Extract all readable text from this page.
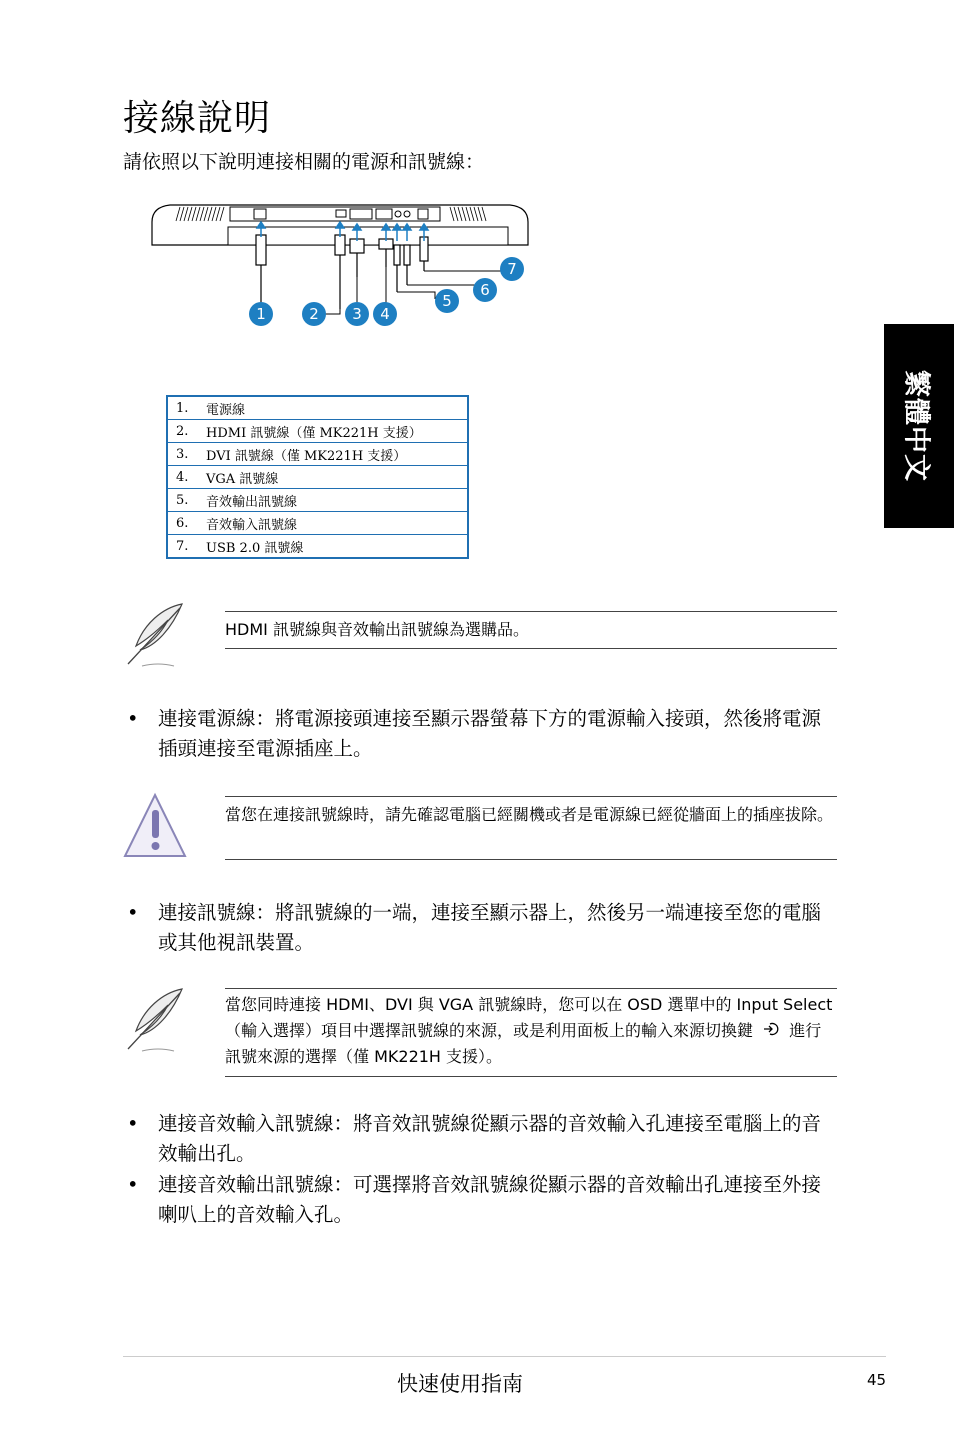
接線說明
請依照以下說明連接相關的電源和訊號線：
1	2	3	4
5
6
7
1.	電源線
2.	HDMI 訊號線（僅 MK221H 支援）
3.	DVI 訊號線（僅 MK221H 支援）
4.	VGA 訊號線
5.	音效輸出訊號線
6.	音效輸入訊號線
7.	USB 2.0 訊號線

HDMI 訊號線與音效輸出訊號線為選購品。

• 連接電源線：將電源接頭連接至顯示器螢幕下方的電源輸入接頭，然後將電源插頭連接至電源插座上。

當您在連接訊號線時，請先確認電腦已經關機或者是電源線已經從牆面上的插座拔除。

• 連接訊號線：將訊號線的一端，連接至顯示器上，然後另一端連接至您的電腦或其他視訊裝置。

當您同時連接 HDMI、DVI 與 VGA 訊號線時，您可以在 OSD 選單中的 Input Select（輸入選擇）項目中選擇訊號線的來源，或是利用面板上的輸入來源切換鍵 進行訊號來源的選擇（僅 MK221H 支援）。

• 連接音效輸入訊號線：將音效訊號線從顯示器的音效輸入孔連接至電腦上的音效輸出孔。
• 連接音效輸出訊號線：可選擇將音效訊號線從顯示器的音效輸出孔連接至外接喇叭上的音效輸入孔。
繁體中文
快速使用指南	45
